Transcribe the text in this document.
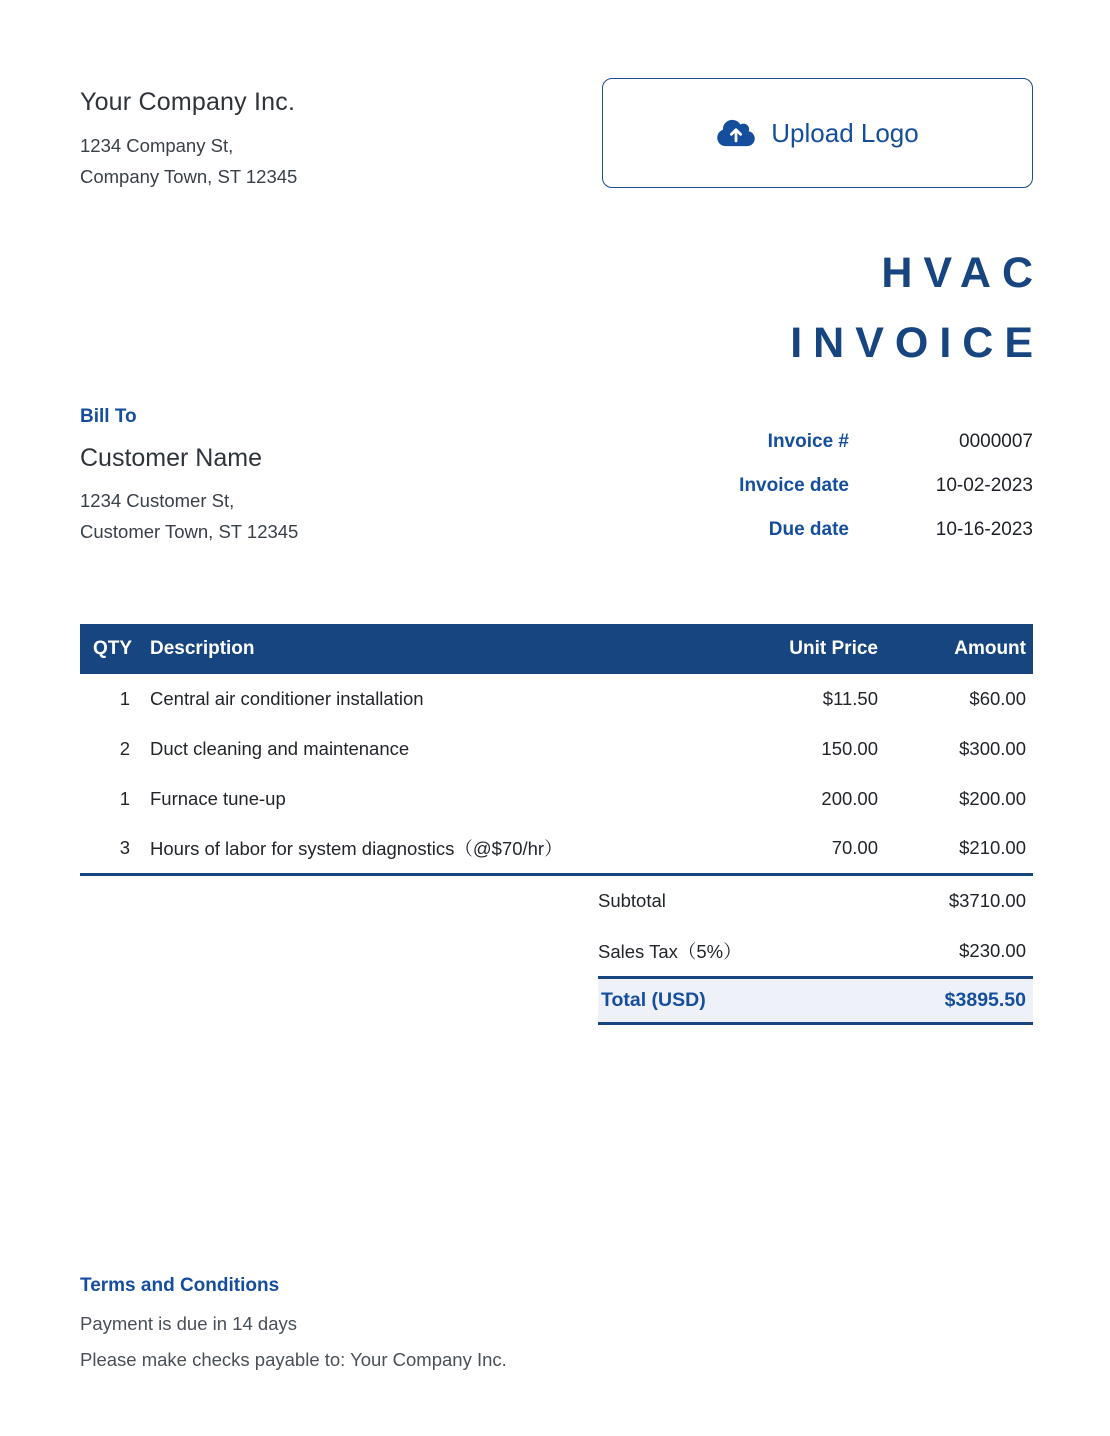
Your Company Inc.
1234 Company St,
Company Town, ST 12345
Upload Logo
HVAC
INVOICE
Bill To
Customer Name
1234 Customer St,
Customer Town, ST 12345
Invoice #	0000007
Invoice date	10-02-2023
Due date	10-16-2023
QTY	Description	Unit Price	Amount
1	Central air conditioner installation	$11.50	$60.00
2	Duct cleaning and maintenance	150.00	$300.00
1	Furnace tune-up	200.00	$200.00
3	Hours of labor for system diagnostics（@$70/hr）	70.00	$210.00
Subtotal	$3710.00
Sales Tax（5%）	$230.00
Total (USD)	$3895.50
Terms and Conditions
Payment is due in 14 days
Please make checks payable to: Your Company Inc.
